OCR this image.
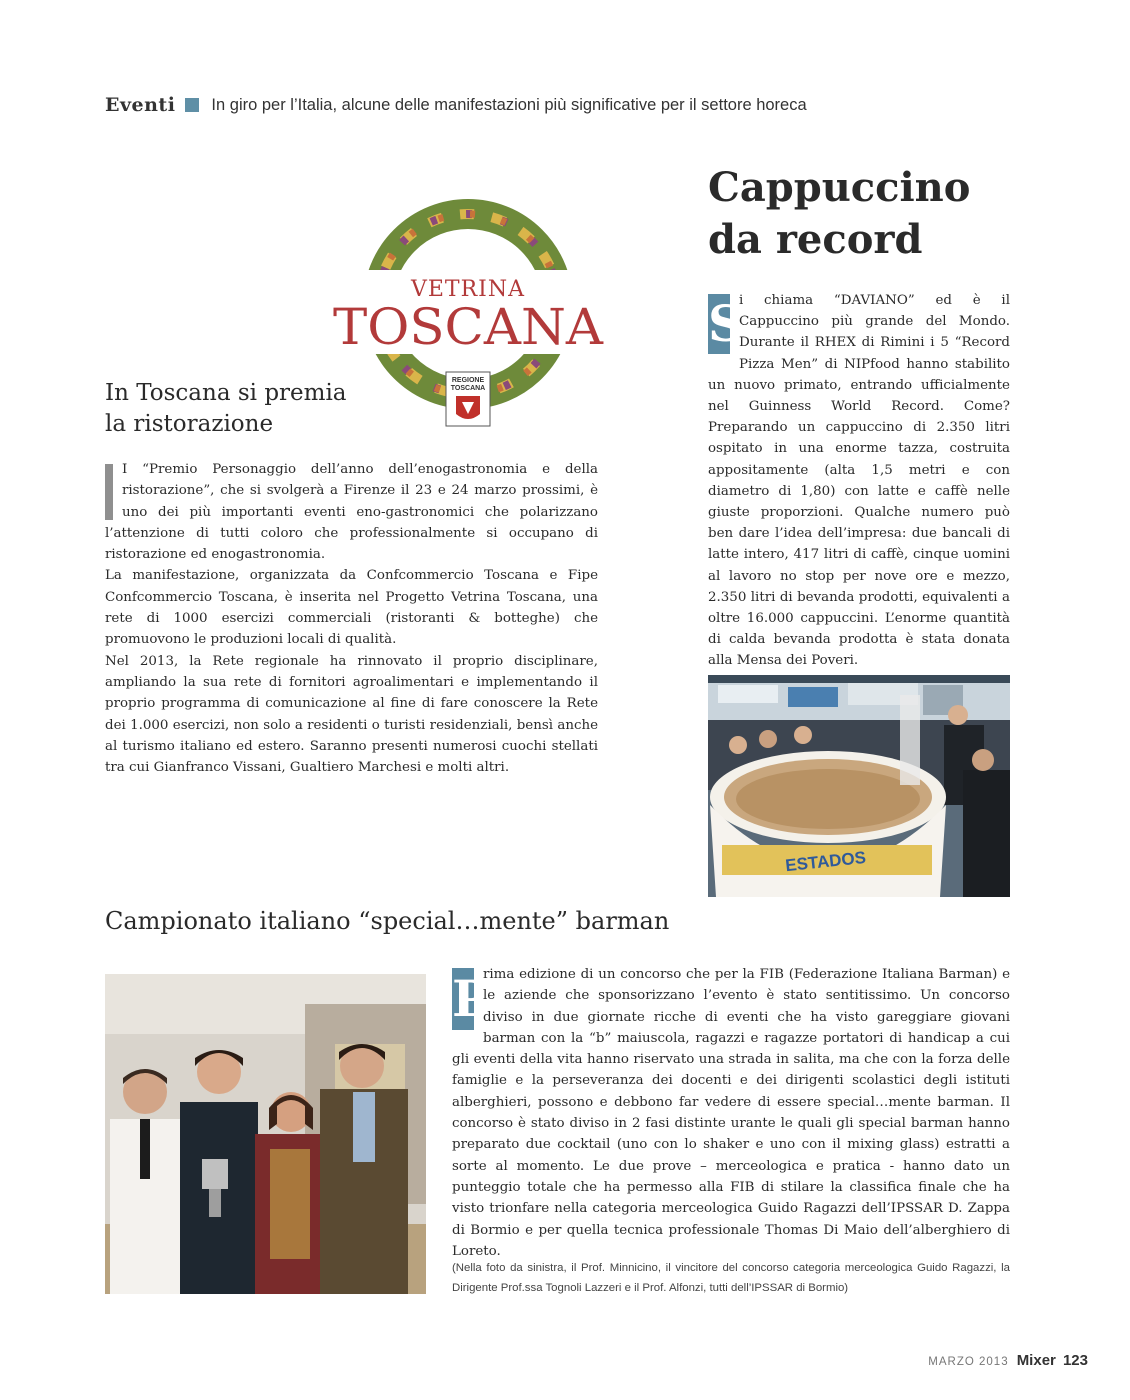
Eventi In giro per l’Italia, alcune delle manifestazioni più significative per il settore horeca
VETRINA
TOSCANA
REGIONE
TOSCANA
In Toscana si premia
la ristorazione

I “Premio Personaggio dell’anno dell’enogastronomia e della ristorazione”, che si svolgerà a Firenze il 23 e 24 marzo prossimi, è uno dei più importanti eventi eno-gastronomici che polarizzano l’attenzione di tutti coloro che professionalmente si occupano di ristorazione ed enogastronomia.

La manifestazione, organizzata da Confcommercio Toscana e Fipe Confcommercio Toscana, è inserita nel Progetto Vetrina Toscana, una rete di 1000 esercizi commerciali (ristoranti & botteghe) che promuovono le produzioni locali di qualità.

Nel 2013, la Rete regionale ha rinnovato il proprio disciplinare, ampliando la sua rete di fornitori agroalimentari e implementando il proprio programma di comunicazione al fine di fare conoscere la Rete dei 1.000 esercizi, non solo a residenti o turisti residenziali, bensì anche al turismo italiano ed estero. Saranno presenti numerosi cuochi stellati tra cui Gianfranco Vissani, Gualtiero Marchesi e molti altri.

Cappuccino
da record
S
i chiama “DAVIANO” ed è il Cappuccino più grande del Mondo. Durante il RHEX di Rimini i 5 “Record Pizza Men” di NIPfood hanno stabilito un nuovo primato, entrando ufficialmente nel Guinness World Record. Come? Preparando un cappuccino di 2.350 litri ospitato in una enorme tazza, costruita appositamente (alta 1,5 metri e con diametro di 1,80) con latte e caffè nelle giuste proporzioni. Qualche numero può ben dare l’idea dell’impresa: due bancali di latte intero, 417 litri di caffè, cinque uomini al lavoro no stop per nove ore e mezzo, 2.350 litri di bevanda prodotti, equivalenti a oltre 16.000 cappuccini. L’enorme quantità di calda bevanda prodotta è stata donata alla Mensa dei Poveri.
ESTADOS
Campionato italiano “special…mente” barman
P
rima edizione di un concorso che per la FIB (Federazione Italiana Barman) e le aziende che sponsorizzano l’evento è stato sentitissimo. Un concorso diviso in due giornate ricche di eventi che ha visto gareggiare giovani barman con la “b” maiuscola, ragazzi e ragazze portatori di handicap a cui gli eventi della vita hanno riservato una strada in salita, ma che con la forza delle famiglie e la perseveranza dei docenti e dei dirigenti scolastici degli istituti alberghieri, possono e debbono far vedere di essere special…mente barman. Il concorso è stato diviso in 2 fasi distinte urante le quali gli special barman hanno preparato due cocktail (uno con lo shaker e uno con il mixing glass) estratti a sorte al momento. Le due prove – merceologica e pratica - hanno dato un punteggio totale che ha permesso alla FIB di stilare la classifica finale che ha visto trionfare nella categoria merceologica Guido Ragazzi dell’IPSSAR D. Zappa di Bormio e per quella tecnica professionale Thomas Di Maio dell’alberghiero di Loreto.
(Nella foto da sinistra, il Prof. Minnicino, il vincitore del concorso categoria merceologica Guido Ragazzi, la Dirigente Prof.ssa Tognoli Lazzeri e il Prof. Alfonzi, tutti dell’IPSSAR di Bormio)
MARZO 2013 Mixer 123
